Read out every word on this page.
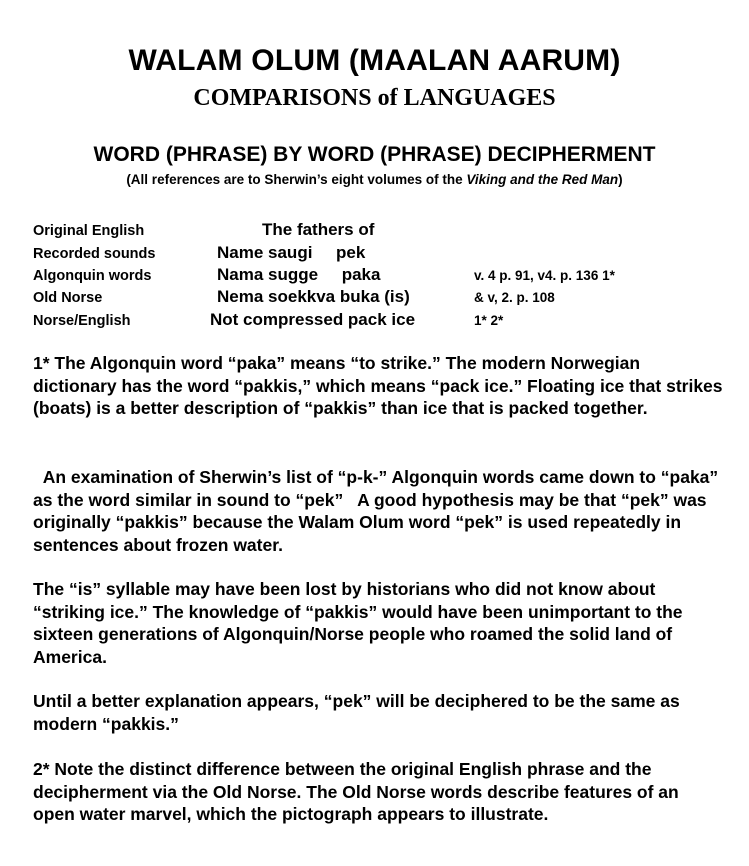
WALAM OLUM (MAALAN AARUM)
COMPARISONS of LANGUAGES
WORD (PHRASE) BY WORD (PHRASE) DECIPHERMENT
(All references are to Sherwin’s eight volumes of the Viking and the Red Man)
Original English	The fathers of
Recorded sounds	Name saugi     pek
Algonquin words	Nama sugge     paka	v. 4 p. 91, v4. p. 136 1*
Old Norse	Nema soekkva buka (is)	& v, 2. p. 108
Norse/English	Not compressed pack ice	1* 2*

1* The Algonquin word “paka” means “to strike.” The modern Norwegian dictionary has the word “pakkis,” which means “pack ice.” Floating ice that strikes (boats) is a better description of “pakkis” than ice that is packed together.

An examination of Sherwin’s list of “p-k-” Algonquin words came down to “paka” as the word similar in sound to “pek”   A good hypothesis may be that “pek” was originally “pakkis” because the Walam Olum word “pek” is used repeatedly in sentences about frozen water.

The “is” syllable may have been lost by historians who did not know about “striking ice.” The knowledge of “pakkis” would have been unimportant to the sixteen generations of Algonquin/Norse people who roamed the solid land of America.

Until a better explanation appears, “pek” will be deciphered to be the same as modern “pakkis.”

2* Note the distinct difference between the original English phrase and the decipherment via the Old Norse. The Old Norse words describe features of an open water marvel, which the pictograph appears to illustrate.
